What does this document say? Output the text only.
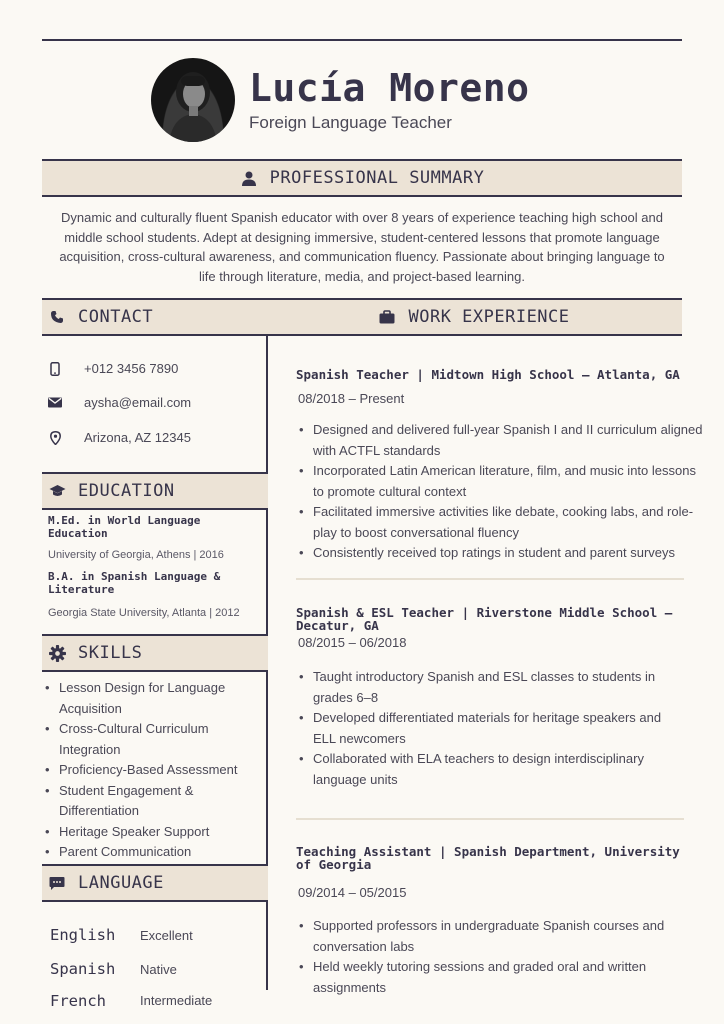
Lucía Moreno
Foreign Language Teacher
PROFESSIONAL SUMMARY
Dynamic and culturally fluent Spanish educator with over 8 years of experience teaching high school and middle school students. Adept at designing immersive, student-centered lessons that promote language acquisition, cross-cultural awareness, and communication fluency. Passionate about bringing language to life through literature, media, and project-based learning.
CONTACT	WORK EXPERIENCE
+012 3456 7890
aysha@email.com
Arizona, AZ 12345
EDUCATION
M.Ed. in World Language Education
University of Georgia, Athens | 2016
B.A. in Spanish Language & Literature
Georgia State University, Atlanta | 2012
SKILLS
• Lesson Design for Language Acquisition
• Cross-Cultural Curriculum Integration
• Proficiency-Based Assessment
• Student Engagement & Differentiation
• Heritage Speaker Support
• Parent Communication
LANGUAGE
English Excellent
Spanish Native
French	Intermediate
Spanish Teacher | Midtown High School – Atlanta, GA
08/2018 – Present
• Designed and delivered full-year Spanish I and II curriculum aligned with ACTFL standards
• Incorporated Latin American literature, film, and music into lessons to promote cultural context
• Facilitated immersive activities like debate, cooking labs, and role-play to boost conversational fluency
• Consistently received top ratings in student and parent surveys
Spanish & ESL Teacher | Riverstone Middle School – Decatur, GA
08/2015 – 06/2018
• Taught introductory Spanish and ESL classes to students in grades 6–8
• Developed differentiated materials for heritage speakers and ELL newcomers
• Collaborated with ELA teachers to design interdisciplinary language units
Teaching Assistant | Spanish Department, University of Georgia
09/2014 – 05/2015
• Supported professors in undergraduate Spanish courses and conversation labs
• Held weekly tutoring sessions and graded oral and written assignments
